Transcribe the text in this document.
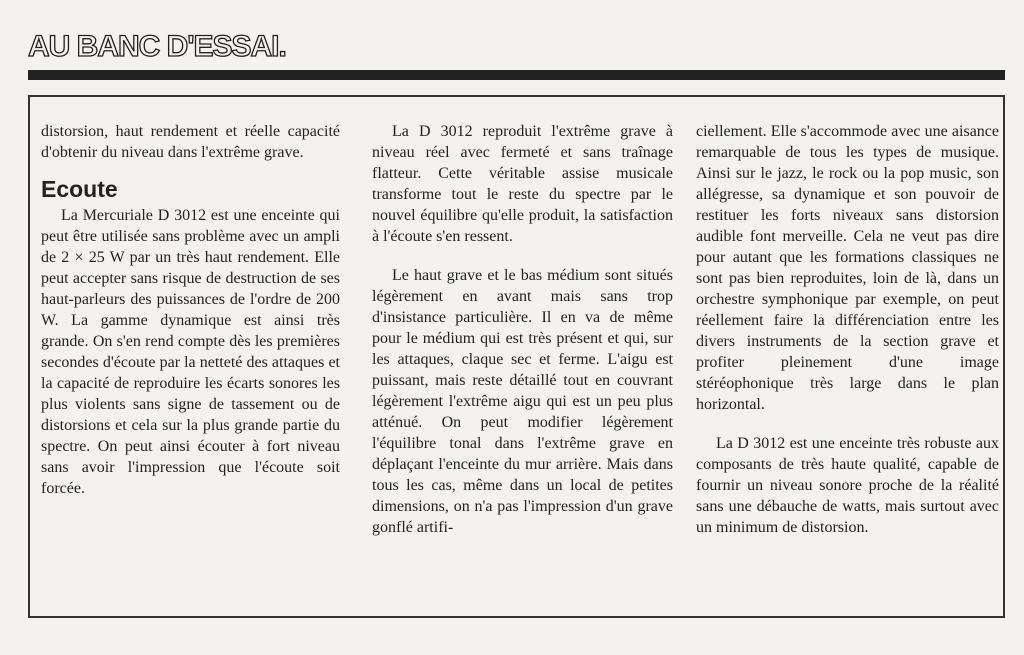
AU BANC D'ESSAI.

distorsion, haut rendement et réelle capacité d'obtenir du niveau dans l'extrême grave.

Ecoute

La Mercuriale D 3012 est une enceinte qui peut être utilisée sans problème avec un ampli de 2 × 25 W par un très haut rendement. Elle peut accepter sans risque de destruction de ses haut-parleurs des puissances de l'ordre de 200 W. La gamme dynamique est ainsi très grande. On s'en rend compte dès les premières secondes d'écoute par la netteté des attaques et la capacité de reproduire les écarts sonores les plus violents sans signe de tassement ou de distorsions et cela sur la plus grande partie du spectre. On peut ainsi écouter à fort niveau sans avoir l'impression que l'écoute soit forcée.

La D 3012 reproduit l'extrême grave à niveau réel avec fermeté et sans traînage flatteur. Cette véritable assise musicale transforme tout le reste du spectre par le nouvel équilibre qu'elle produit, la satisfaction à l'écoute s'en ressent.

Le haut grave et le bas médium sont situés légèrement en avant mais sans trop d'insistance particulière. Il en va de même pour le médium qui est très présent et qui, sur les attaques, claque sec et ferme. L'aigu est puissant, mais reste détaillé tout en couvrant légèrement l'extrême aigu qui est un peu plus atténué. On peut modifier légèrement l'équilibre tonal dans l'extrême grave en déplaçant l'enceinte du mur arrière. Mais dans tous les cas, même dans un local de petites dimensions, on n'a pas l'impression d'un grave gonflé artifi-

ciellement. Elle s'accommode avec une aisance remarquable de tous les types de musique. Ainsi sur le jazz, le rock ou la pop music, son allégresse, sa dynamique et son pouvoir de restituer les forts niveaux sans distorsion audible font merveille. Cela ne veut pas dire pour autant que les formations classiques ne sont pas bien reproduites, loin de là, dans un orchestre symphonique par exemple, on peut réellement faire la différenciation entre les divers instruments de la section grave et profiter pleinement d'une image stéréophonique très large dans le plan horizontal.

La D 3012 est une enceinte très robuste aux composants de très haute qualité, capable de fournir un niveau sonore proche de la réalité sans une débauche de watts, mais surtout avec un minimum de distorsion.
